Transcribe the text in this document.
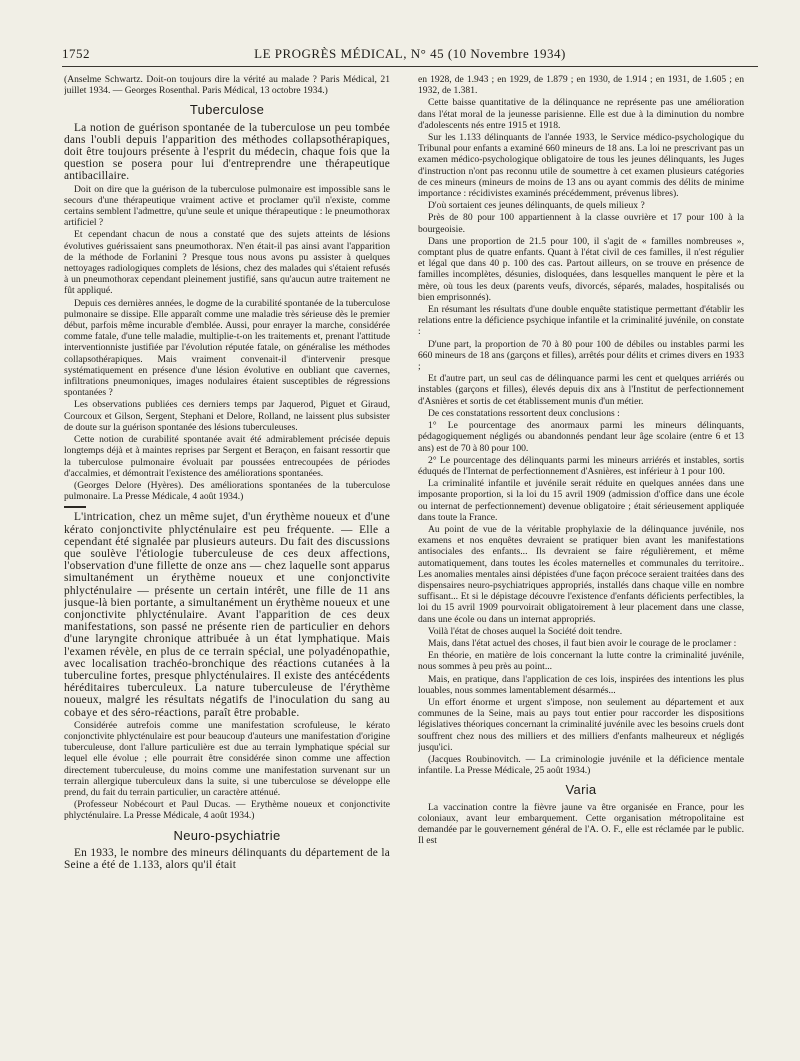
1752	LE PROGRÈS MÉDICAL, N° 45 (10 Novembre 1934)

(Anselme Schwartz. Doit-on toujours dire la vérité au malade ? Paris Médical, 21 juillet 1934. — Georges Rosenthal. Paris Médical, 13 octobre 1934.)

Tuberculose

La notion de guérison spontanée de la tuberculose un peu tombée dans l'oubli depuis l'apparition des méthodes collapsothérapiques, doit être toujours présente à l'esprit du médecin, chaque fois que la question se posera pour lui d'entreprendre une thérapeutique antibacillaire.

Doit on dire que la guérison de la tuberculose pulmonaire est impossible sans le secours d'une thérapeutique vraiment active et proclamer qu'il n'existe, comme certains semblent l'admettre, qu'une seule et unique thérapeutique : le pneumothorax artificiel ?

Et cependant chacun de nous a constaté que des sujets atteints de lésions évolutives guérissaient sans pneumothorax. N'en était-il pas ainsi avant l'apparition de la méthode de Forlanini ? Presque tous nous avons pu assister à quelques nettoyages radiologiques complets de lésions, chez des malades qui s'étaient refusés à un pneumothorax cependant pleinement justifié, sans qu'aucun autre traitement ne fût appliqué.

Depuis ces dernières années, le dogme de la curabilité spontanée de la tuberculose pulmonaire se dissipe. Elle apparaît comme une maladie très sérieuse dès le premier début, parfois même incurable d'emblée. Aussi, pour enrayer la marche, considérée comme fatale, d'une telle maladie, multiplie-t-on les traitements et, prenant l'attitude interventionniste justifiée par l'évolution réputée fatale, on généralise les méthodes collapsothérapiques. Mais vraiment convenait-il d'intervenir presque systématiquement en présence d'une lésion évolutive en oubliant que cavernes, infiltrations pneumoniques, images nodulaires étaient susceptibles de régressions spontanées ?

Les observations publiées ces derniers temps par Jaquerod, Piguet et Giraud, Courcoux et Gilson, Sergent, Stephani et Delore, Rolland, ne laissent plus subsister de doute sur la guérison spontanée des lésions tuberculeuses.

Cette notion de curabilité spontanée avait été admirablement précisée depuis longtemps déjà et à maintes reprises par Sergent et Beraçon, en faisant ressortir que la tuberculose pulmonaire évoluait par poussées entrecoupées de périodes d'accalmies, et démontrait l'existence des améliorations spontanées.

(Georges Delore (Hyères). Des améliorations spontanées de la tuberculose pulmonaire. La Presse Médicale, 4 août 1934.)

L'intrication, chez un même sujet, d'un érythème noueux et d'une kérato conjonctivite phlycténulaire est peu fréquente. — Elle a cependant été signalée par plusieurs auteurs. Du fait des discussions que soulève l'étiologie tuberculeuse de ces deux affections, l'observation d'une fillette de onze ans — chez laquelle sont apparus simultanément un érythème noueux et une conjonctivite phlycténulaire — présente un certain intérêt, une fille de 11 ans jusque-là bien portante, a simultanément un érythème noueux et une conjonctivite phlycténulaire. Avant l'apparition de ces deux manifestations, son passé ne présente rien de particulier en dehors d'une laryngite chronique attribuée à un état lymphatique. Mais l'examen révèle, en plus de ce terrain spécial, une polyadénopathie, avec localisation trachéo-bronchique des réactions cutanées à la tuberculine fortes, presque phlycténulaires. Il existe des antécédents héréditaires tuberculeux. La nature tuberculeuse de l'érythème noueux, malgré les résultats négatifs de l'inoculation du sang au cobaye et des séro-réactions, paraît être probable.

Considérée autrefois comme une manifestation scrofuleuse, le kérato conjonctivite phlycténulaire est pour beaucoup d'auteurs une manifestation d'origine tuberculeuse, dont l'allure particulière est due au terrain lymphatique spécial sur lequel elle évolue ; elle pourrait être considérée sinon comme une affection directement tuberculeuse, du moins comme une manifestation survenant sur un terrain allergique tuberculeux dans la suite, si une tuberculose se développe elle prend, du fait du terrain particulier, un caractère atténué.

(Professeur Nobécourt et Paul Ducas. — Erythème noueux et conjonctivite phlycténulaire. La Presse Médicale, 4 août 1934.)

Neuro-psychiatrie

En 1933, le nombre des mineurs délinquants du département de la Seine a été de 1.133, alors qu'il était

en 1928, de 1.943 ; en 1929, de 1.879 ; en 1930, de 1.914 ; en 1931, de 1.605 ; en 1932, de 1.381.

Cette baisse quantitative de la délinquance ne représente pas une amélioration dans l'état moral de la jeunesse parisienne. Elle est due à la diminution du nombre d'adolescents nés entre 1915 et 1918.

Sur les 1.133 délinquants de l'année 1933, le Service médico-psychologique du Tribunal pour enfants a examiné 660 mineurs de 18 ans. La loi ne prescrivant pas un examen médico-psychologique obligatoire de tous les jeunes délinquants, les Juges d'instruction n'ont pas reconnu utile de soumettre à cet examen plusieurs catégories de ces mineurs (mineurs de moins de 13 ans ou ayant commis des délits de minime importance : récidivistes examinés précédemment, prévenus libres).

D'où sortaient ces jeunes délinquants, de quels milieux ?

Près de 80 pour 100 appartiennent à la classe ouvrière et 17 pour 100 à la bourgeoisie.

Dans une proportion de 21.5 pour 100, il s'agit de « familles nombreuses », comptant plus de quatre enfants. Quant à l'état civil de ces familles, il n'est régulier et légal que dans 40 p. 100 des cas. Partout ailleurs, on se trouve en présence de familles incomplètes, désunies, disloquées, dans lesquelles manquent le père et la mère, où tous les deux (parents veufs, divorcés, séparés, malades, hospitalisés ou bien emprisonnés).

En résumant les résultats d'une double enquête statistique permettant d'établir les relations entre la déficience psychique infantile et la criminalité juvénile, on constate :

D'une part, la proportion de 70 à 80 pour 100 de débiles ou instables parmi les 660 mineurs de 18 ans (garçons et filles), arrêtés pour délits et crimes divers en 1933 ;

Et d'autre part, un seul cas de délinquance parmi les cent et quelques arriérés ou instables (garçons et filles), élevés depuis dix ans à l'Institut de perfectionnement d'Asnières et sortis de cet établissement munis d'un métier.

De ces constatations ressortent deux conclusions :

1° Le pourcentage des anormaux parmi les mineurs délinquants, pédagogiquement négligés ou abandonnés pendant leur âge scolaire (entre 6 et 13 ans) est de 70 à 80 pour 100.

2° Le pourcentage des délinquants parmi les mineurs arriérés et instables, sortis éduqués de l'Internat de perfectionnement d'Asnières, est inférieur à 1 pour 100.

La criminalité infantile et juvénile serait réduite en quelques années dans une imposante proportion, si la loi du 15 avril 1909 (admission d'office dans une école ou internat de perfectionnement) devenue obligatoire ; était sérieusement appliquée dans toute la France.

Au point de vue de la véritable prophylaxie de la délinquance juvénile, nos examens et nos enquêtes devraient se pratiquer bien avant les manifestations antisociales des enfants... Ils devraient se faire régulièrement, et même automatiquement, dans toutes les écoles maternelles et communales du territoire.. Les anomalies mentales ainsi dépistées d'une façon précoce seraient traitées dans des dispensaires neuro-psychiatriques appropriés, installés dans chaque ville en nombre suffisant... Et si le dépistage découvre l'existence d'enfants déficients perfectibles, la loi du 15 avril 1909 pourvoirait obligatoirement à leur placement dans une classe, dans une école ou dans un internat appropriés.

Voilà l'état de choses auquel la Société doit tendre.

Mais, dans l'état actuel des choses, il faut bien avoir le courage de le proclamer :

En théorie, en matière de lois concernant la lutte contre la criminalité juvénile, nous sommes à peu près au point...

Mais, en pratique, dans l'application de ces lois, inspirées des intentions les plus louables, nous sommes lamentablement désarmés...

Un effort énorme et urgent s'impose, non seulement au département et aux communes de la Seine, mais au pays tout entier pour raccorder les dispositions législatives théoriques concernant la criminalité juvénile avec les besoins cruels dont souffrent chez nous des milliers et des milliers d'enfants malheureux et négligés jusqu'ici.

(Jacques Roubinovitch. — La criminologie juvénile et la déficience mentale infantile. La Presse Médicale, 25 août 1934.)

Varia

La vaccination contre la fièvre jaune va être organisée en France, pour les coloniaux, avant leur embarquement. Cette organisation métropolitaine est demandée par le gouvernement général de l'A. O. F., elle est réclamée par le public. Il est
